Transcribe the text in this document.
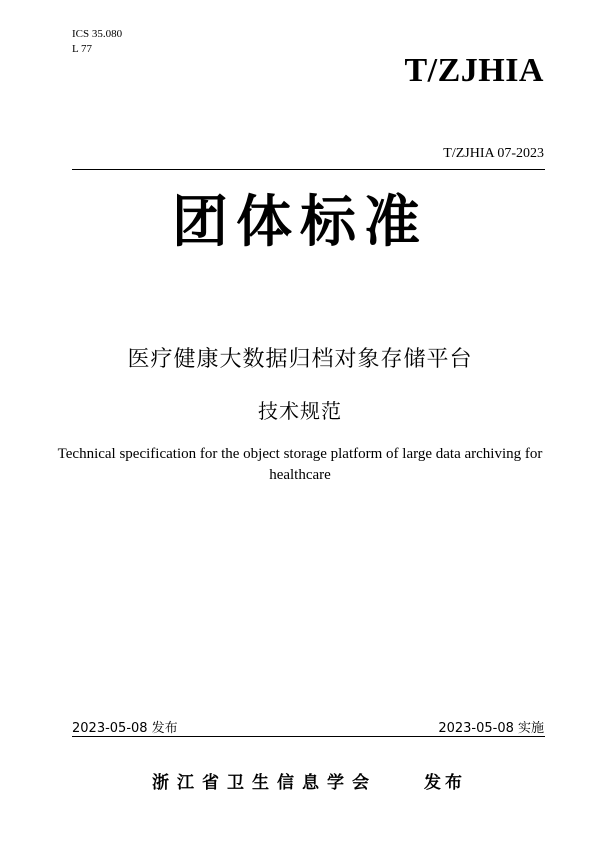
ICS 35.080
L 77
T/ZJHIA
T/ZJHIA 07-2023
团体标准
医疗健康大数据归档对象存储平台
技术规范
Technical specification for the object storage platform of large data archiving for
healthcare
2023-05-08 发布	2023-05-08 实施
浙江省卫生信息学会	发布
